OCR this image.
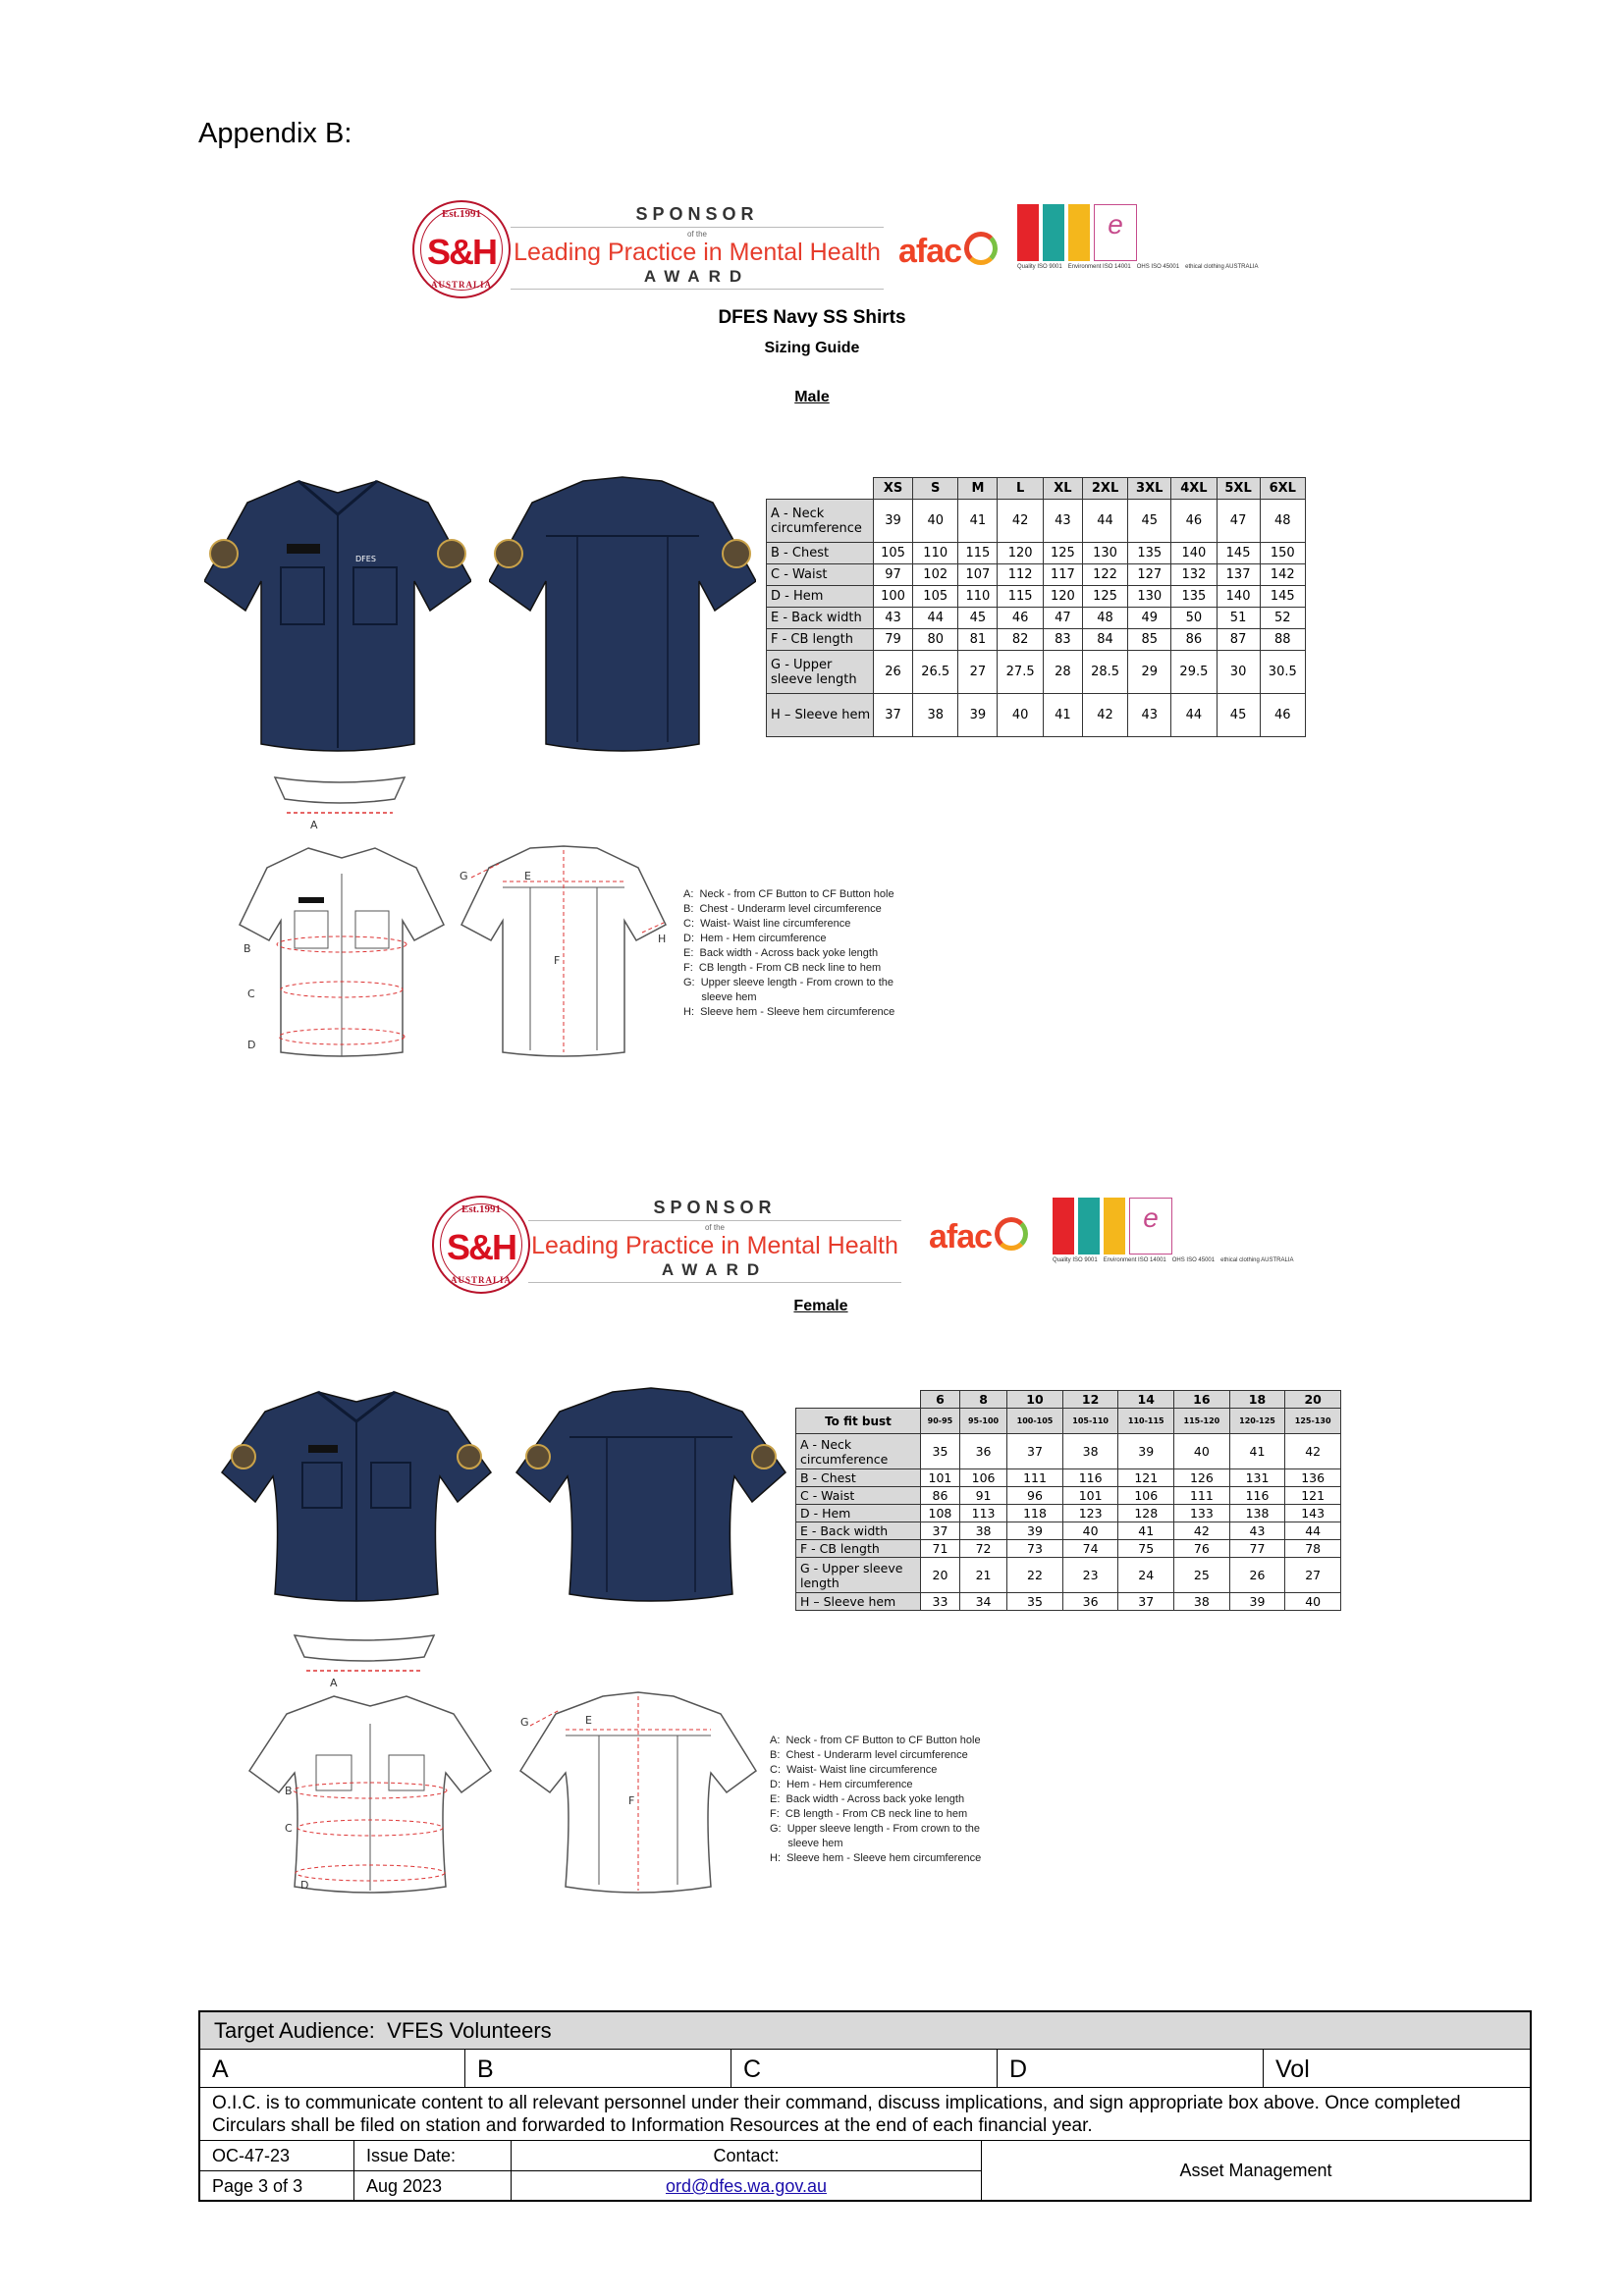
Appendix B:
Est.1991
S&H
AUSTRALIA
SPONSOR
of the
Leading Practice in Mental Health
AWARD
afac
e
Quality ISO 9001 Environment ISO 14001 OHS ISO 45001 ethical clothing AUSTRALIA
DFES Navy SS Shirts
Sizing Guide
Male
DFES
	XS	S	M	L	XL	2XL	3XL	4XL	5XL	6XL
A - Neck circumference	39	40	41	42	43	44	45	46	47	48
B - Chest	105	110	115	120	125	130	135	140	145	150
C - Waist	97	102	107	112	117	122	127	132	137	142
D - Hem	100	105	110	115	120	125	130	135	140	145
E - Back width	43	44	45	46	47	48	49	50	51	52
F - CB length	79	80	81	82	83	84	85	86	87	88
G - Upper sleeve length	26	26.5	27	27.5	28	28.5	29	29.5	30	30.5
H – Sleeve hem	37	38	39	40	41	42	43	44	45	46
A
B
C
D
E
F
G
H
A:  Neck - from CF Button to CF Button hole
B:  Chest - Underarm level circumference
C:  Waist- Waist line circumference
D:  Hem - Hem circumference
E:  Back width - Across back yoke length
F:  CB length - From CB neck line to hem
G:  Upper sleeve length - From crown to the
sleeve hem
H:  Sleeve hem - Sleeve hem circumference
Est.1991
S&H
AUSTRALIA
SPONSOR
of the
Leading Practice in Mental Health
AWARD
afac
e
Quality ISO 9001 Environment ISO 14001 OHS ISO 45001 ethical clothing AUSTRALIA
Female
	6	8	10	12	14	16	18	20
To fit bust	90-95	95-100	100-105	105-110	110-115	115-120	120-125	125-130
A - Neck circumference	35	36	37	38	39	40	41	42
B - Chest	101	106	111	116	121	126	131	136
C - Waist	86	91	96	101	106	111	116	121
D - Hem	108	113	118	123	128	133	138	143
E - Back width	37	38	39	40	41	42	43	44
F - CB length	71	72	73	74	75	76	77	78
G - Upper sleeve length	20	21	22	23	24	25	26	27
H – Sleeve hem	33	34	35	36	37	38	39	40
A
B
C
D
E
F
G
A:  Neck - from CF Button to CF Button hole
B:  Chest - Underarm level circumference
C:  Waist- Waist line circumference
D:  Hem - Hem circumference
E:  Back width - Across back yoke length
F:  CB length - From CB neck line to hem
G:  Upper sleeve length - From crown to the
sleeve hem
H:  Sleeve hem - Sleeve hem circumference
Target Audience:
VFES Volunteers
A	B	C	D	Vol
O.I.C. is to communicate content to all relevant personnel under their command, discuss implications, and sign appropriate box above. Once completed Circulars shall be filed on station and forwarded to Information Resources at the end of each financial year.
OC-47-23	Issue Date:	Contact:
Page 3 of 3	Aug 2023	ord@dfes.wa.gov.au
Asset Management
